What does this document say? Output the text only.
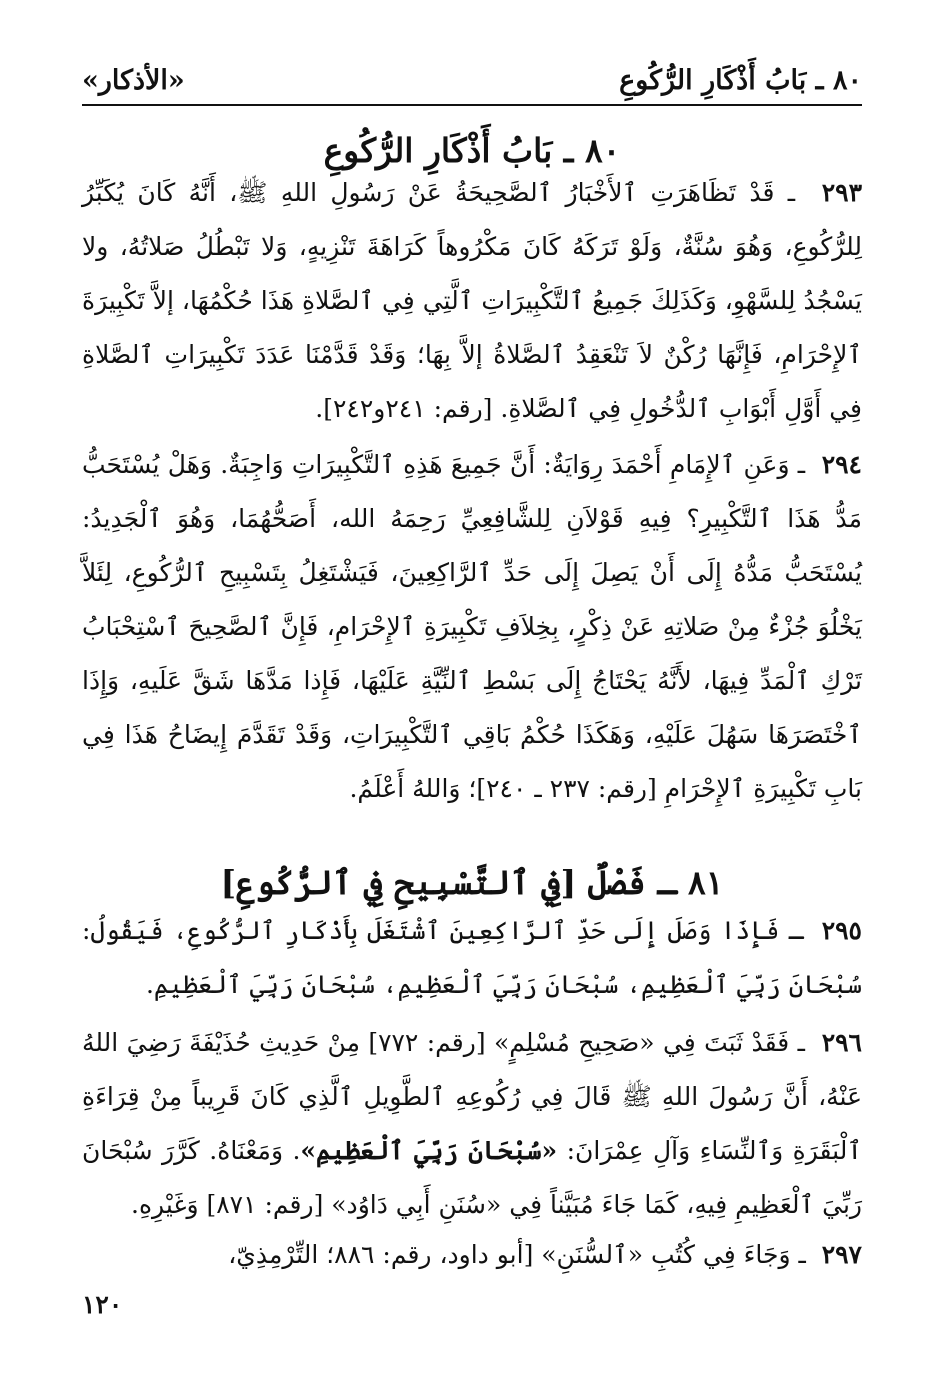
٨٠ ـ بَابُ أَذْكَارِ الرُّكُوعِ
«الأذكار»
٨٠ ـ بَابُ أَذْكَارِ الرُّكُوعِ

٢٩٣  ـ قَدْ تَظَاهَرَتِ ٱلأَخْبَارُ ٱلصَّحِيحَةُ عَنْ رَسُولِ اللهِ ﷺ، أَنَّهُ كَانَ يُكَبِّرُ لِلرُّكُوعِ، وَهُوَ سُنَّةٌ، وَلَوْ تَرَكَهُ كَانَ مَكْرُوهاً كَرَاهَةَ تَنْزِيهٍ، وَلا تَبْطُلُ صَلاتُهُ، ولا يَسْجُدُ لِلسَّهْوِ، وَكَذَلِكَ جَمِيعُ ٱلتَّكْبِيرَاتِ ٱلَّتِي فِي ٱلصَّلاةِ هَذَا حُكْمُهَا، إلاَّ تَكْبِيرَةَ ٱلإِحْرَامِ، فَإِنَّهَا رُكْنٌ لاَ تَنْعَقِدُ ٱلصَّلاةُ إلاَّ بِهَا؛ وَقَدْ قَدَّمْنَا عَدَدَ تَكْبِيرَاتِ ٱلصَّلاةِ فِي أَوَّلِ أَبْوَابِ ٱلدُّخُولِ فِي ٱلصَّلاةِ. [رقم: ٢٤١و٢٤٢].

٢٩٤  ـ وَعَنِ ٱلإِمَامِ أَحْمَدَ رِوَايَةٌ: أَنَّ جَمِيعَ هَذِهِ ٱلتَّكْبِيرَاتِ وَاجِبَةٌ. وَهَلْ يُسْتَحَبُّ مَدُّ هَذَا ٱلتَّكْبِيرِ؟ فِيهِ قَوْلاَنِ لِلشَّافِعِيِّ رَحِمَهُ الله، أَصَحُّهُمَا، وَهُوَ ٱلْجَدِيدُ: يُسْتَحَبُّ مَدُّهُ إِلَى أَنْ يَصِلَ إِلَى حَدِّ ٱلرَّاكِعِينَ، فَيَشْتَغِلُ بِتَسْبِيحِ ٱلرُّكُوعِ، لِئَلاَّ يَخْلُوَ جُزْءٌ مِنْ صَلاتِهِ عَنْ ذِكْرٍ، بِخِلاَفِ تَكْبِيرَةِ ٱلإِحْرَامِ، فَإِنَّ ٱلصَّحِيحَ ٱسْتِحْبَابُ تَرْكِ ٱلْمَدِّ فِيهَا، لأَنَّهُ يَحْتَاجُ إِلَى بَسْطِ ٱلنِّيَّةِ عَلَيْهَا، فَإِذا مَدَّهَا شَقَّ عَلَيهِ، وَإِذَا ٱخْتَصَرَهَا سَهُلَ عَلَيْهِ، وَهَكَذَا حُكْمُ بَاقِي ٱلتَّكْبِيرَاتِ، وَقَدْ تَقَدَّمَ إِيضَاحُ هَذَا فِي بَابِ تَكْبِيرَةِ ٱلإِحْرَامِ [رقم: ٢٣٧ ـ ٢٤٠]؛ وَاللهُ أَعْلَمُ.

٨١ ـ فَصْلٌ [فِي ٱلتَّسْبِيحِ فِي ٱلرُّكُوعِ]

٢٩٥  ـ فَإِذَا وَصَلَ إِلَى حَدِّ ٱلرَّاكِعِينَ ٱشْتَغَلَ بِأَذْكَارِ ٱلرُّكُوعِ، فَيَقُولُ: سُبْحَانَ رَبِّيَ ٱلْعَظِيمِ، سُبْحَانَ رَبِّيَ ٱلْعَظِيمِ، سُبْحَانَ رَبِّيَ ٱلْعَظِيمِ.

٢٩٦  ـ فَقَدْ ثَبَتَ فِي «صَحِيحِ مُسْلِمٍ» [رقم: ٧٧٢] مِنْ حَدِيثِ حُذَيْفَةَ رَضِيَ اللهُ عَنْهُ، أَنَّ رَسُولَ اللهِ ﷺ قَالَ فِي رُكُوعِهِ ٱلطَّوِيلِ ٱلَّذِي كَانَ قَرِيباً مِنْ قِرَاءَةِ ٱلْبَقَرَةِ وَٱلنِّسَاءِ وَآلِ عِمْرَانَ: «سُبْحَانَ رَبِّيَ ٱلْعَظِيمِ». وَمَعْنَاهُ. كَرَّرَ سُبْحَانَ رَبِّيَ ٱلْعَظِيمِ فِيهِ، كَمَا جَاءَ مُبَيَّناً فِي «سُنَنِ أَبِي دَاوُد» [رقم: ٨٧١] وَغَيْرِهِ.

٢٩٧  ـ وَجَاءَ فِي كُتُبِ «ٱلسُّنَنِ» [أبو داود، رقم: ٨٨٦؛ التِّرْمِذِيّ،

١٢٠
